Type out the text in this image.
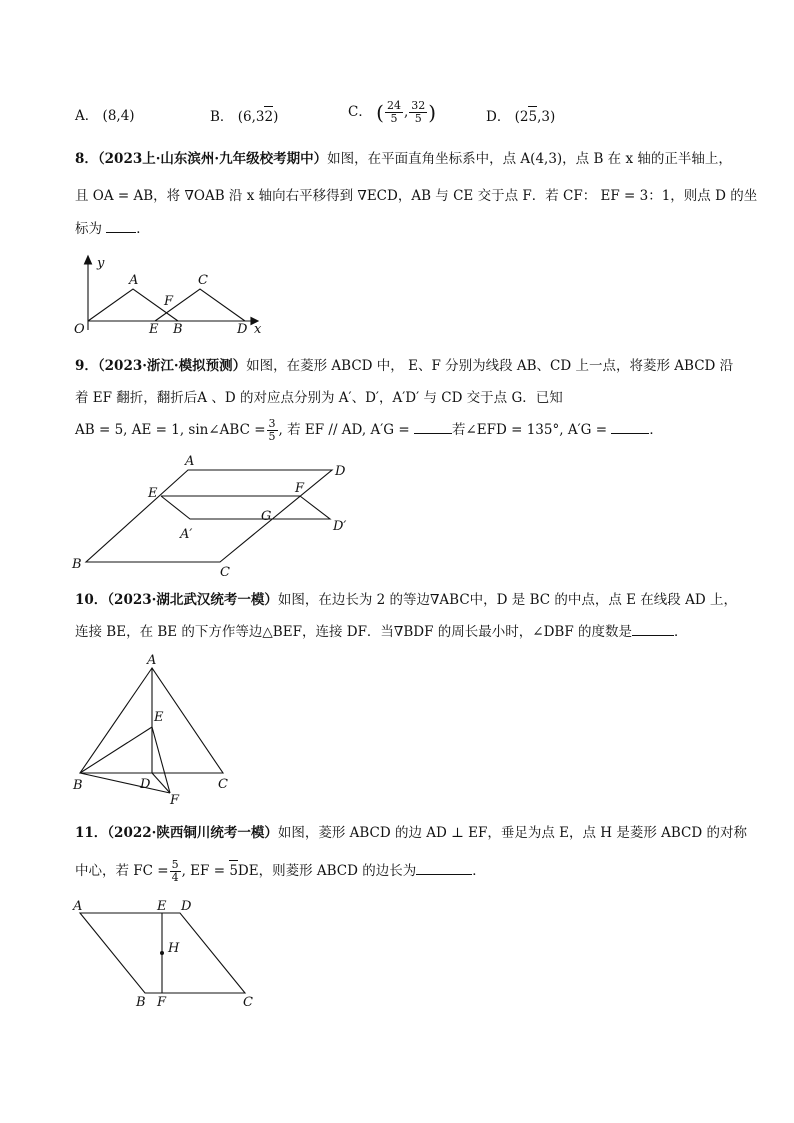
A． (8,4)	B． (6,32)	C． ( $\frac{24}{5}$ , $\frac{32}{5}$ )	D． (25,3)
8．（2023上·山东滨州·九年级校考期中）如图，在平面直角坐标系中，点 A(4,3)，点 B 在 x 轴的正半轴上，
且 OA = AB，将 ∇OAB 沿 x 轴向右平移得到 ∇ECD，AB 与 CE 交于点 F．若 CF： EF = 3：1，则点 D 的坐
标为	．
y
A	C
F
O	E B	D x
9．（2023·浙江·模拟预测）如图，在菱形 ABCD 中， E、F 分别为线段 AB、CD 上一点，将菱形 ABCD 沿
着 EF 翻折，翻折后A 、D 的对应点分别为 A′、D′，A′D′ 与 CD 交于点 G．已知
AB = 5, AE = 1, sin∠ABC = $\frac{3}{5}$ , 若 EF // AD, A′G =	若∠EFD = 135°, A′G =	．
A
D
E	F
G
D′
A′
B
C
10．（2023·湖北武汉统考一模）如图，在边长为 2 的等边∇ABC中，D 是 BC 的中点，点 E 在线段 AD 上，
连接 BE，在 BE 的下方作等边△BEF，连接 DF．当∇BDF 的周长最小时，∠DBF 的度数是	．
A
E
B	D	C
F
11．（2022·陕西铜川统考一模）如图，菱形 ABCD 的边 AD ⊥ EF，垂足为点 E，点 H 是菱形 ABCD 的对称
中心，若 FC = $\frac{5}{4}$ , EF = 5DE，则菱形 ABCD 的边长为	．
A	E D
H
B F	C
